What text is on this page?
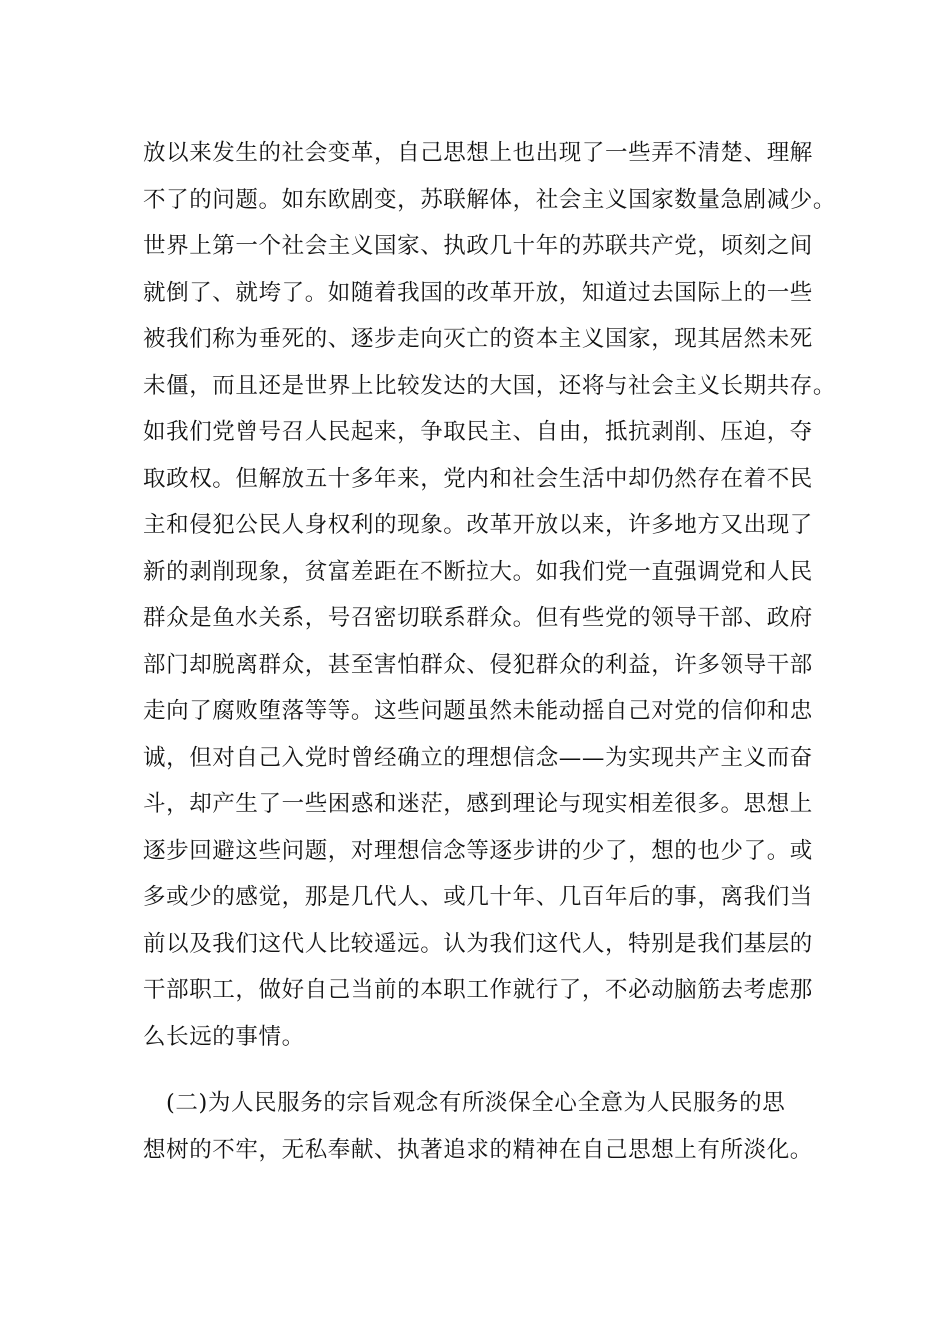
放以来发生的社会变革，自己思想上也出现了一些弄不清楚、理解
不了的问题。如东欧剧变，苏联解体，社会主义国家数量急剧减少。
世界上第一个社会主义国家、执政几十年的苏联共产党，顷刻之间
就倒了、就垮了。如随着我国的改革开放，知道过去国际上的一些
被我们称为垂死的、逐步走向灭亡的资本主义国家，现其居然未死
未僵，而且还是世界上比较发达的大国，还将与社会主义长期共存。
如我们党曾号召人民起来，争取民主、自由，抵抗剥削、压迫，夺
取政权。但解放五十多年来，党内和社会生活中却仍然存在着不民
主和侵犯公民人身权利的现象。改革开放以来，许多地方又出现了
新的剥削现象，贫富差距在不断拉大。如我们党一直强调党和人民
群众是鱼水关系，号召密切联系群众。但有些党的领导干部、政府
部门却脱离群众，甚至害怕群众、侵犯群众的利益，许多领导干部
走向了腐败堕落等等。这些问题虽然未能动摇自己对党的信仰和忠
诚，但对自己入党时曾经确立的理想信念——为实现共产主义而奋
斗，却产生了一些困惑和迷茫，感到理论与现实相差很多。思想上
逐步回避这些问题，对理想信念等逐步讲的少了，想的也少了。或
多或少的感觉，那是几代人、或几十年、几百年后的事，离我们当
前以及我们这代人比较遥远。认为我们这代人，特别是我们基层的
干部职工，做好自己当前的本职工作就行了，不必动脑筋去考虑那
么长远的事情。
(二)为人民服务的宗旨观念有所淡保全心全意为人民服务的思
想树的不牢，无私奉献、执著追求的精神在自己思想上有所淡化。
